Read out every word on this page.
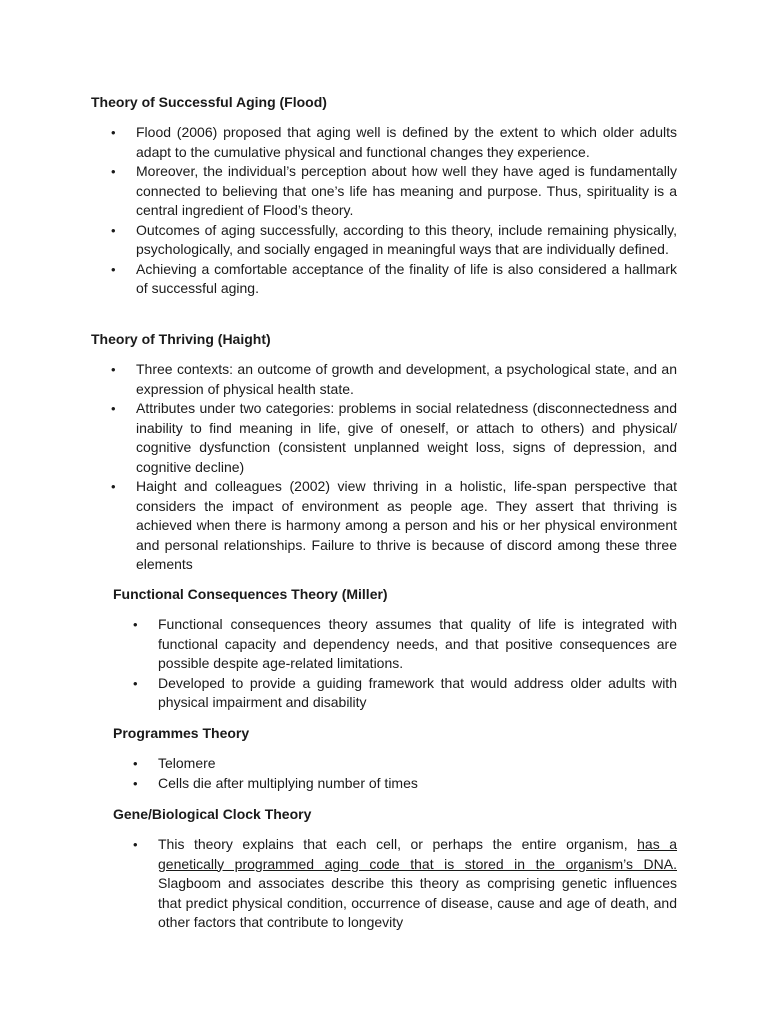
Theory of Successful Aging (Flood)
• Flood (2006) proposed that aging well is defined by the extent to which older adults adapt to the cumulative physical and functional changes they experience.
• Moreover, the individual’s perception about how well they have aged is fundamentally connected to believing that one’s life has meaning and purpose. Thus, spirituality is a central ingredient of Flood’s theory.
• Outcomes of aging successfully, according to this theory, include remaining physically, psychologically, and socially engaged in meaningful ways that are individually defined.
• Achieving a comfortable acceptance of the finality of life is also considered a hallmark of successful aging.
Theory of Thriving (Haight)
• Three contexts: an outcome of growth and development, a psychological state, and an expression of physical health state.
• Attributes under two categories: problems in social relatedness (disconnectedness and inability to find meaning in life, give of oneself, or attach to others) and physical/ cognitive dysfunction (consistent unplanned weight loss, signs of depression, and cognitive decline)
• Haight and colleagues (2002) view thriving in a holistic, life-span perspective that considers the impact of environment as people age. They assert that thriving is achieved when there is harmony among a person and his or her physical environment and personal relationships. Failure to thrive is because of discord among these three elements
Functional Consequences Theory (Miller)
• Functional consequences theory assumes that quality of life is integrated with functional capacity and dependency needs, and that positive consequences are possible despite age-related limitations.
• Developed to provide a guiding framework that would address older adults with physical impairment and disability
Programmes Theory
• Telomere
• Cells die after multiplying number of times
Gene/Biological Clock Theory
• This theory explains that each cell, or perhaps the entire organism, has a genetically programmed aging code that is stored in the organism’s DNA. Slagboom and associates describe this theory as comprising genetic influences that predict physical condition, occurrence of disease, cause and age of death, and other factors that contribute to longevity
